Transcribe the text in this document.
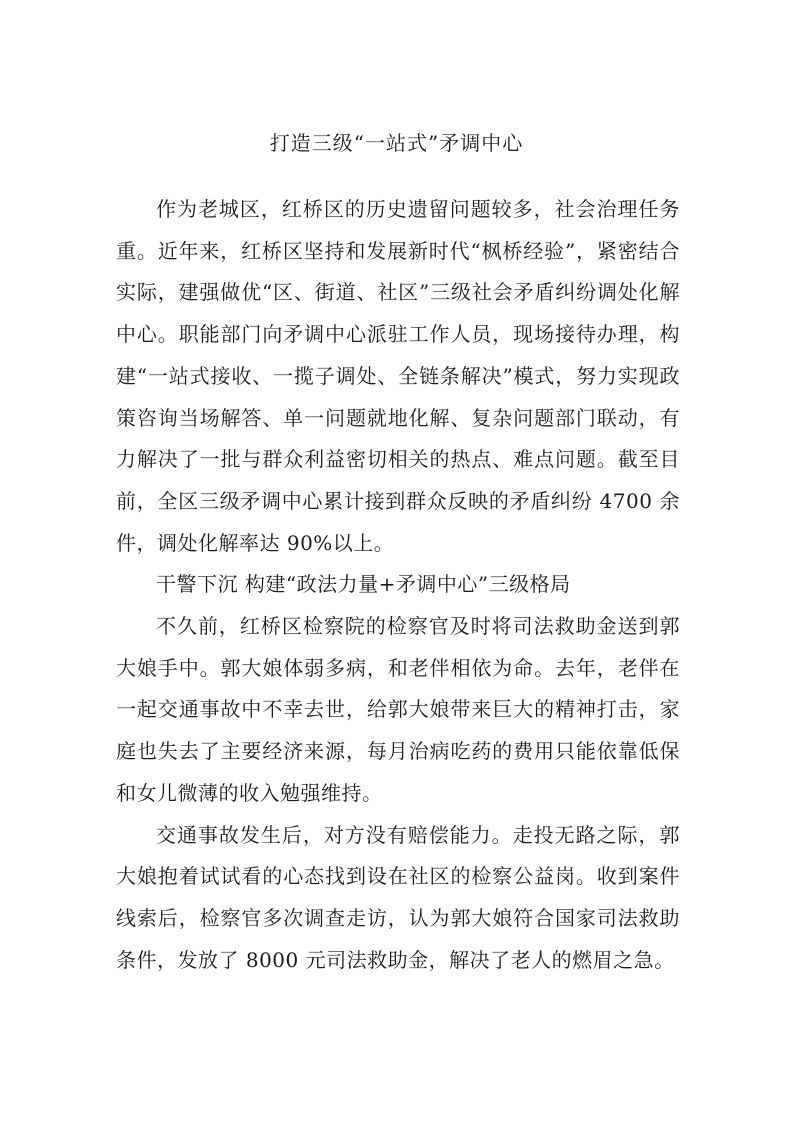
打造三级“一站式”矛调中心

作为老城区，红桥区的历史遗留问题较多，社会治理任务重。近年来，红桥区坚持和发展新时代“枫桥经验”，紧密结合实际，建强做优“区、街道、社区”三级社会矛盾纠纷调处化解中心。职能部门向矛调中心派驻工作人员，现场接待办理，构建“一站式接收、一揽子调处、全链条解决”模式，努力实现政策咨询当场解答、单一问题就地化解、复杂问题部门联动，有力解决了一批与群众利益密切相关的热点、难点问题。截至目前，全区三级矛调中心累计接到群众反映的矛盾纠纷 4700 余件，调处化解率达 90%以上。

干警下沉 构建“政法力量+矛调中心”三级格局

不久前，红桥区检察院的检察官及时将司法救助金送到郭大娘手中。郭大娘体弱多病，和老伴相依为命。去年，老伴在一起交通事故中不幸去世，给郭大娘带来巨大的精神打击，家庭也失去了主要经济来源，每月治病吃药的费用只能依靠低保和女儿微薄的收入勉强维持。

交通事故发生后，对方没有赔偿能力。走投无路之际，郭大娘抱着试试看的心态找到设在社区的检察公益岗。收到案件线索后，检察官多次调查走访，认为郭大娘符合国家司法救助条件，发放了 8000 元司法救助金，解决了老人的燃眉之急。
